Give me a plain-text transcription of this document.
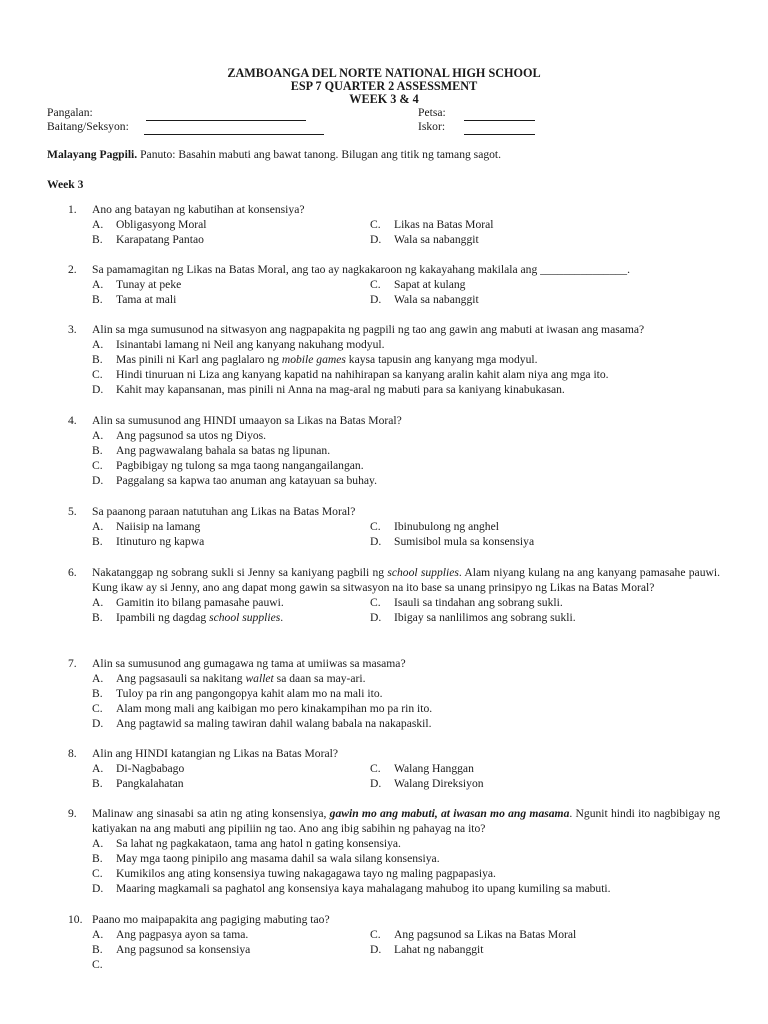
ZAMBOANGA DEL NORTE NATIONAL HIGH SCHOOL
ESP 7 QUARTER 2 ASSESSMENT
WEEK 3 & 4
Pangalan:	Petsa:
Baitang/Seksyon:	Iskor:
Malayang Pagpili. Panuto: Basahin mabuti ang bawat tanong. Bilugan ang titik ng tamang sagot.
Week 3
1. Ano ang batayan ng kabutihan at konsensiya?
A. Obligasyong Moral	C. Likas na Batas Moral
B. Karapatang Pantao	D. Wala sa nabanggit
2. Sa pamamagitan ng Likas na Batas Moral, ang tao ay nagkakaroon ng kakayahang makilala ang _______________.
A. Tunay at peke	C. Sapat at kulang
B. Tama at mali	D. Wala sa nabanggit
3. Alin sa mga sumusunod na sitwasyon ang nagpapakita ng pagpili ng tao ang gawin ang mabuti at iwasan ang masama?
A. Isinantabi lamang ni Neil ang kanyang nakuhang modyul.
B. Mas pinili ni Karl ang paglalaro ng mobile games kaysa tapusin ang kanyang mga modyul.
C. Hindi tinuruan ni Liza ang kanyang kapatid na nahihirapan sa kanyang aralin kahit alam niya ang mga ito.
D. Kahit may kapansanan, mas pinili ni Anna na mag-aral ng mabuti para sa kaniyang kinabukasan.
4. Alin sa sumusunod ang HINDI umaayon sa Likas na Batas Moral?
A. Ang pagsunod sa utos ng Diyos.
B. Ang pagwawalang bahala sa batas ng lipunan.
C. Pagbibigay ng tulong sa mga taong nangangailangan.
D. Paggalang sa kapwa tao anuman ang katayuan sa buhay.
5. Sa paanong paraan natutuhan ang Likas na Batas Moral?
A. Naiisip na lamang	C. Ibinubulong ng anghel
B. Itinuturo ng kapwa	D. Sumisibol mula sa konsensiya
6. Nakatanggap ng sobrang sukli si Jenny sa kaniyang pagbili ng school supplies. Alam niyang kulang na ang kanyang pamasahe pauwi. Kung ikaw ay si Jenny, ano ang dapat mong gawin sa sitwasyon na ito base sa unang prinsipyo ng Likas na Batas Moral?
A. Gamitin ito bilang pamasahe pauwi.	C. Isauli sa tindahan ang sobrang sukli.
B. Ipambili ng dagdag school supplies.	D. Ibigay sa nanlilimos ang sobrang sukli.
7. Alin sa sumusunod ang gumagawa ng tama at umiiwas sa masama?
A. Ang pagsasauli sa nakitang wallet sa daan sa may-ari.
B. Tuloy pa rin ang pangongopya kahit alam mo na mali ito.
C. Alam mong mali ang kaibigan mo pero kinakampihan mo pa rin ito.
D. Ang pagtawid sa maling tawiran dahil walang babala na nakapaskil.
8. Alin ang HINDI katangian ng Likas na Batas Moral?
A. Di-Nagbabago	C. Walang Hanggan
B. Pangkalahatan	D. Walang Direksiyon
9. Malinaw ang sinasabi sa atin ng ating konsensiya, gawin mo ang mabuti, at iwasan mo ang masama. Ngunit hindi ito nagbibigay ng katiyakan na ang mabuti ang pipiliin ng tao. Ano ang ibig sabihin ng pahayag na ito?
A. Sa lahat ng pagkakataon, tama ang hatol n gating konsensiya.
B. May mga taong pinipilo ang masama dahil sa wala silang konsensiya.
C. Kumikilos ang ating konsensiya tuwing nakagagawa tayo ng maling pagpapasiya.
D. Maaring magkamali sa paghatol ang konsensiya kaya mahalagang mahubog ito upang kumiling sa mabuti.
10. Paano mo maipapakita ang pagiging mabuting tao?
A. Ang pagpasya ayon sa tama.	C. Ang pagsunod sa Likas na Batas Moral
B. Ang pagsunod sa konsensiya	D. Lahat ng nabanggit
C.
